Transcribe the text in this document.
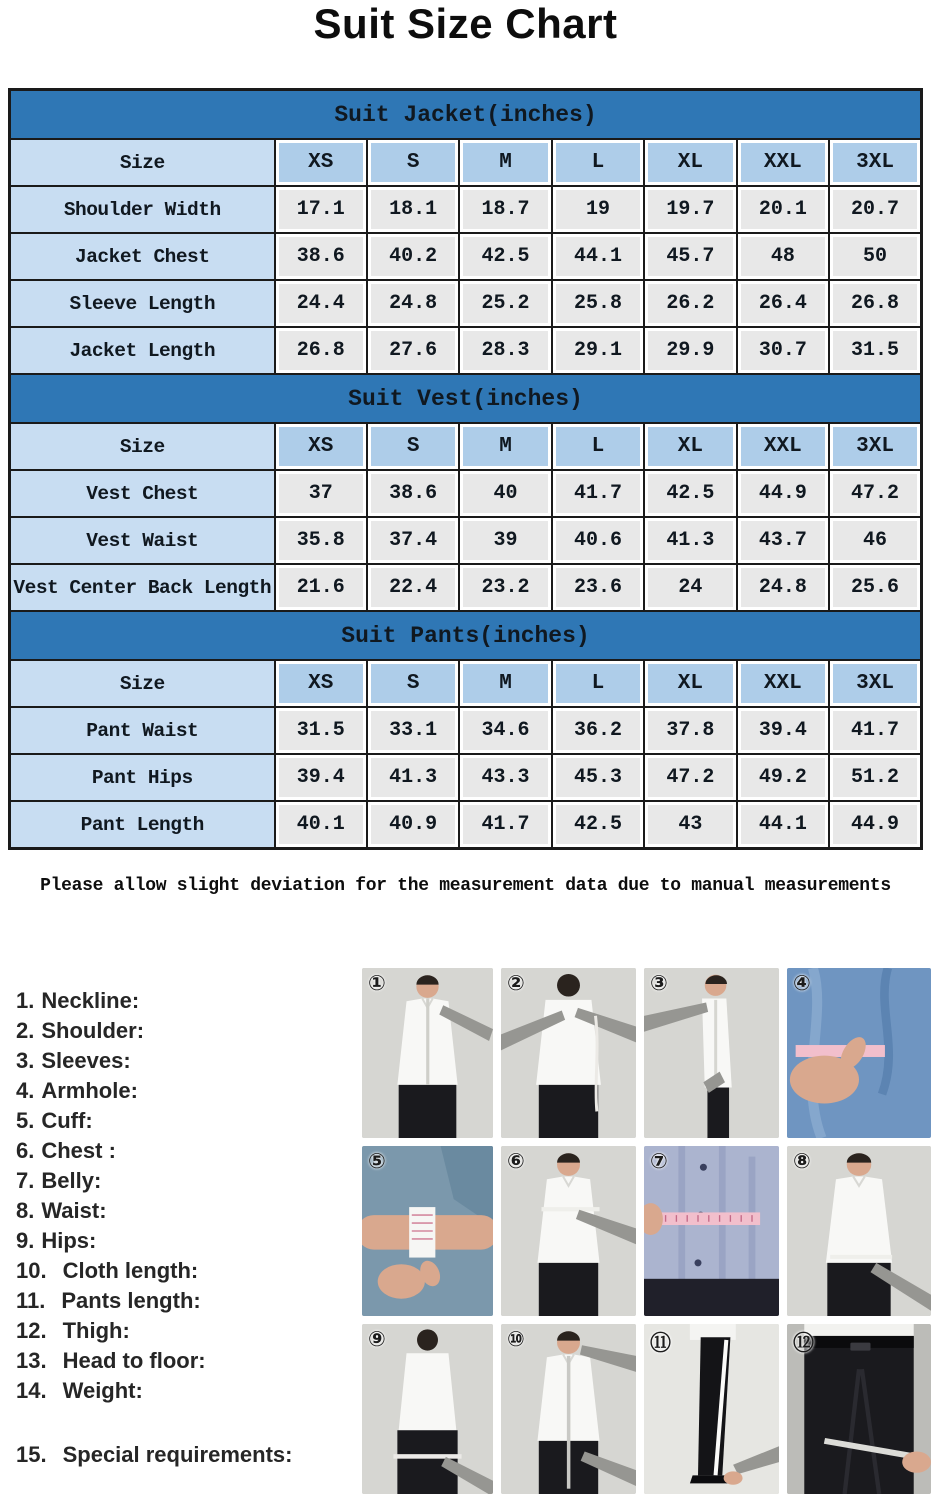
Suit Size Chart
Suit Jacket(inches)							
Size	XS	S	M	L	XL	XXL	3XL

Shoulder Width	17.1	18.1	18.7	19	19.7	20.1	20.7

Jacket Chest	38.6	40.2	42.5	44.1	45.7	48	50

Sleeve Length	24.4	24.8	25.2	25.8	26.2	26.4	26.8

Jacket Length	26.8	27.6	28.3	29.1	29.9	30.7	31.5

Suit Vest(inches)							
Size	XS	S	M	L	XL	XXL	3XL

Vest Chest	37	38.6	40	41.7	42.5	44.9	47.2

Vest Waist	35.8	37.4	39	40.6	41.3	43.7	46

Vest Center Back Length	21.6	22.4	23.2	23.6	24	24.8	25.6

Suit Pants(inches)							
Size	XS	S	M	L	XL	XXL	3XL

Pant Waist	31.5	33.1	34.6	36.2	37.8	39.4	41.7

Pant Hips	39.4	41.3	43.3	45.3	47.2	49.2	51.2

Pant Length	40.1	40.9	41.7	42.5	43	44.1	44.9

Please allow slight deviation for the measurement data due to manual measurements

1. Neckline:
2. Shoulder:
3. Sleeves:
4. Armhole:
5. Cuff:
6. Chest :
7. Belly:
8. Waist:
9. Hips:
10. Cloth length:
11. Pants length:
12. Thigh:
13. Head to floor:
14. Weight:
15. Special requirements:
①	②	③	④
⑤	⑥	⑦	⑧
⑨	⑩	⑪	⑫
